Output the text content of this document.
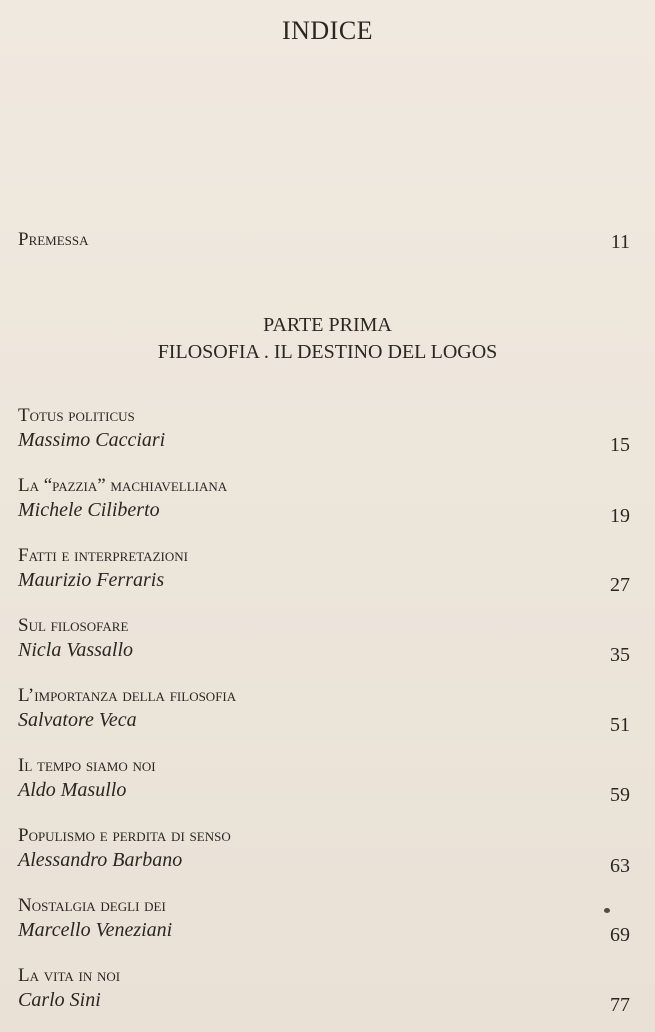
INDICE
Premessa	11
PARTE PRIMA
FILOSOFIA . IL DESTINO DEL LOGOS
Totus politicus
Massimo Cacciari	15
La “pazzia” machiavelliana
Michele Ciliberto	19
Fatti e interpretazioni
Maurizio Ferraris	27
Sul filosofare
Nicla Vassallo	35
L’importanza della filosofia
Salvatore Veca	51
Il tempo siamo noi
Aldo Masullo	59
Populismo e perdita di senso
Alessandro Barbano	63
Nostalgia degli dei
Marcello Veneziani	69
La vita in noi
Carlo Sini	77
